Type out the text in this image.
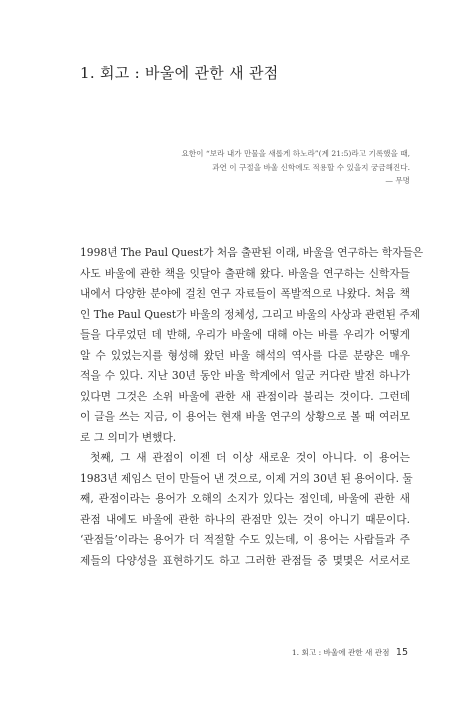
1. 회고 : 바울에 관한 새 관점
요한이 “보라 내가 만물을 새롭게 하노라”(계 21:5)라고 기록했을 때,
과연 이 구절을 바울 신학에도 적용할 수 있을지 궁금해진다.
— 무명
1998년 The Paul Quest가 처음 출판된 이래, 바울을 연구하는 학자들은
사도 바울에 관한 책을 잇달아 출판해 왔다. 바울을 연구하는 신학자들
내에서 다양한 분야에 걸친 연구 자료들이 폭발적으로 나왔다. 처음 책
인 The Paul Quest가 바울의 정체성, 그리고 바울의 사상과 관련된 주제
들을 다루었던 데 반해, 우리가 바울에 대해 아는 바를 우리가 어떻게
알 수 있었는지를 형성해 왔던 바울 해석의 역사를 다룬 분량은 매우
적을 수 있다. 지난 30년 동안 바울 학계에서 일군 커다란 발전 하나가
있다면 그것은 소위 바울에 관한 새 관점이라 불리는 것이다. 그런데
이 글을 쓰는 지금, 이 용어는 현재 바울 연구의 상황으로 볼 때 여러모
로 그 의미가 변했다.
첫째, 그 새 관점이 이젠 더 이상 새로운 것이 아니다. 이 용어는
1983년 제임스 던이 만들어 낸 것으로, 이제 거의 30년 된 용어이다. 둘
째, 관점이라는 용어가 오해의 소지가 있다는 점인데, 바울에 관한 새
관점 내에도 바울에 관한 하나의 관점만 있는 것이 아니기 때문이다.
‘관점들’이라는 용어가 더 적절할 수도 있는데, 이 용어는 사람들과 주
제들의 다양성을 표현하기도 하고 그러한 관점들 중 몇몇은 서로서로
1. 회고 : 바울에 관한 새 관점 15
